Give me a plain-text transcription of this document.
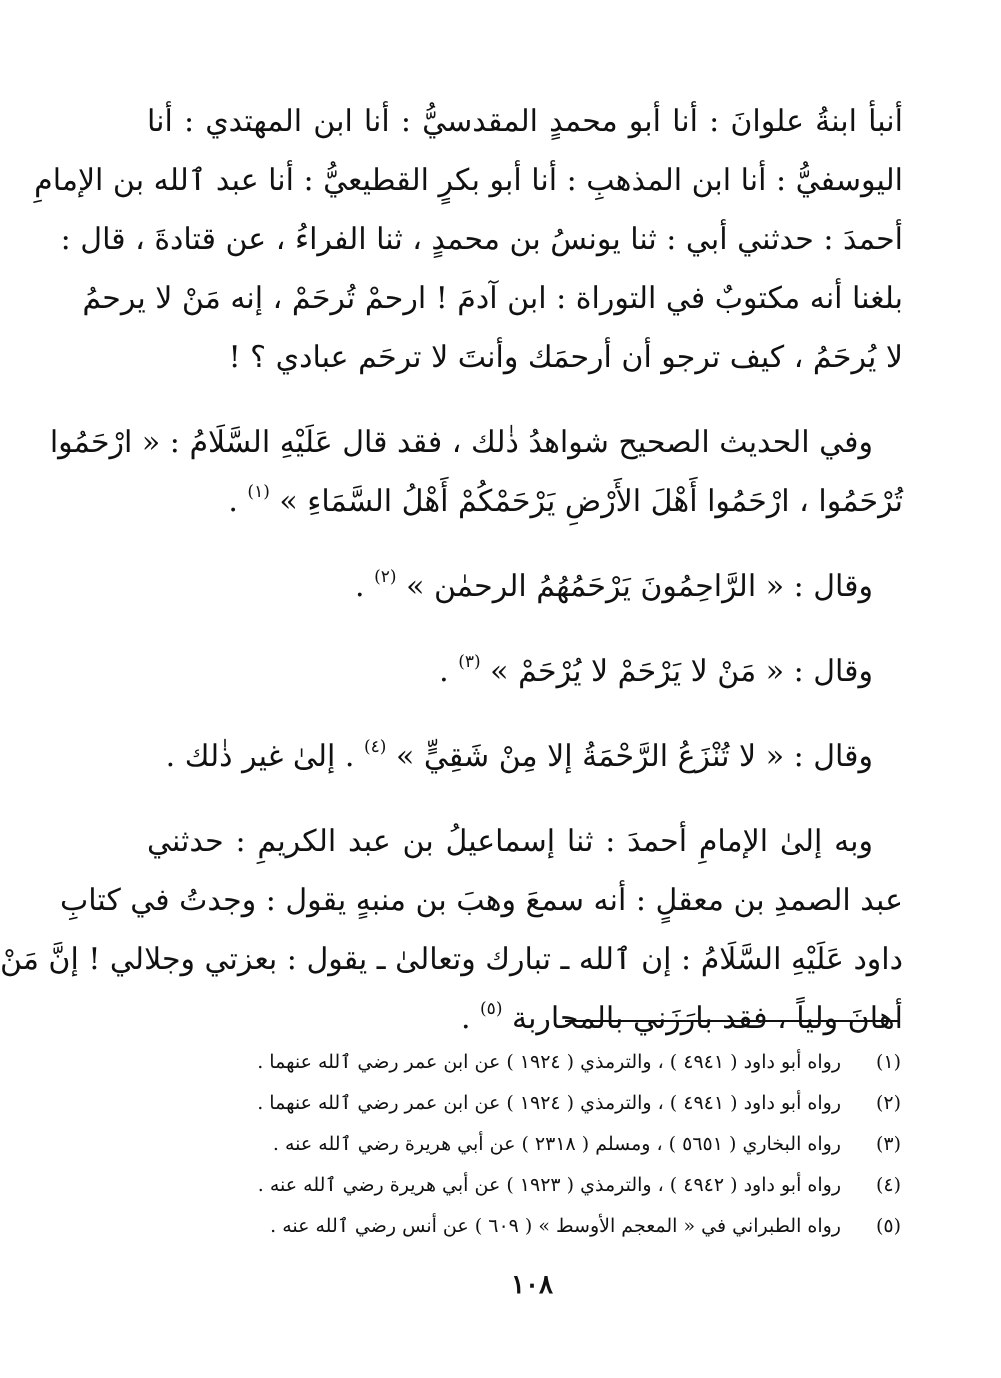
أنبأ ابنةُ علوانَ : أنا أبو محمدٍ المقدسيُّ : أنا ابن المهتدي : أنا
اليوسفيُّ : أنا ابن المذهبِ : أنا أبو بكرٍ القطيعيُّ : أنا عبد ٱلله بن الإمامِ
أحمدَ : حدثني أبي : ثنا يونسُ بن محمدٍ ، ثنا الفراءُ ، عن قتادةَ ، قال :
بلغنا أنه مكتوبٌ في التوراة : ابن آدمَ ! ارحمْ تُرحَمْ ، إنه مَنْ لا يرحمُ
لا يُرحَمُ ، كيف ترجو أن أرحمَك وأنتَ لا ترحَم عبادي ؟ !
وفي الحديث الصحيح شواهدُ ذٰلك ، فقد قال عَلَيْهِ السَّلَامُ : « ارْحَمُوا
تُرْحَمُوا ، ارْحَمُوا أَهْلَ الأَرْضِ يَرْحَمْكُمْ أَهْلُ السَّمَاءِ » $^{(١)}$ .
وقال : « الرَّاحِمُونَ يَرْحَمُهُمُ الرحمٰن » $^{(٢)}$ .
وقال : « مَنْ لا يَرْحَمْ لا يُرْحَمْ » $^{(٣)}$ .
وقال : « لا تُنْزَعُ الرَّحْمَةُ إلا مِنْ شَقِيٍّ » $^{(٤)}$ . إلىٰ غير ذٰلك .
وبه إلىٰ الإمامِ أحمدَ : ثنا إسماعيلُ بن عبد الكريمِ : حدثني
عبد الصمدِ بن معقلٍ : أنه سمعَ وهبَ بن منبهٍ يقول : وجدتُ في كتابِ
داود عَلَيْهِ السَّلَامُ : إن ٱلله ـ تبارك وتعالىٰ ـ يقول : بعزتي وجلالي ! إنَّ مَنْ
أهانَ ولياً ، فقد بارَزَني بالمحاربة $^{(٥)}$ .
(١)
رواه أبو داود ( ٤٩٤١ ) ، والترمذي ( ١٩٢٤ ) عن ابن عمر رضي ٱلله عنهما .
(٢)
رواه أبو داود ( ٤٩٤١ ) ، والترمذي ( ١٩٢٤ ) عن ابن عمر رضي ٱلله عنهما .
(٣)
رواه البخاري ( ٥٦٥١ ) ، ومسلم ( ٢٣١٨ ) عن أبي هريرة رضي ٱلله عنه .
(٤)
رواه أبو داود ( ٤٩٤٢ ) ، والترمذي ( ١٩٢٣ ) عن أبي هريرة رضي ٱلله عنه .
(٥)
رواه الطبراني في « المعجم الأوسط » ( ٦٠٩ ) عن أنس رضي ٱلله عنه .
١٠٨
